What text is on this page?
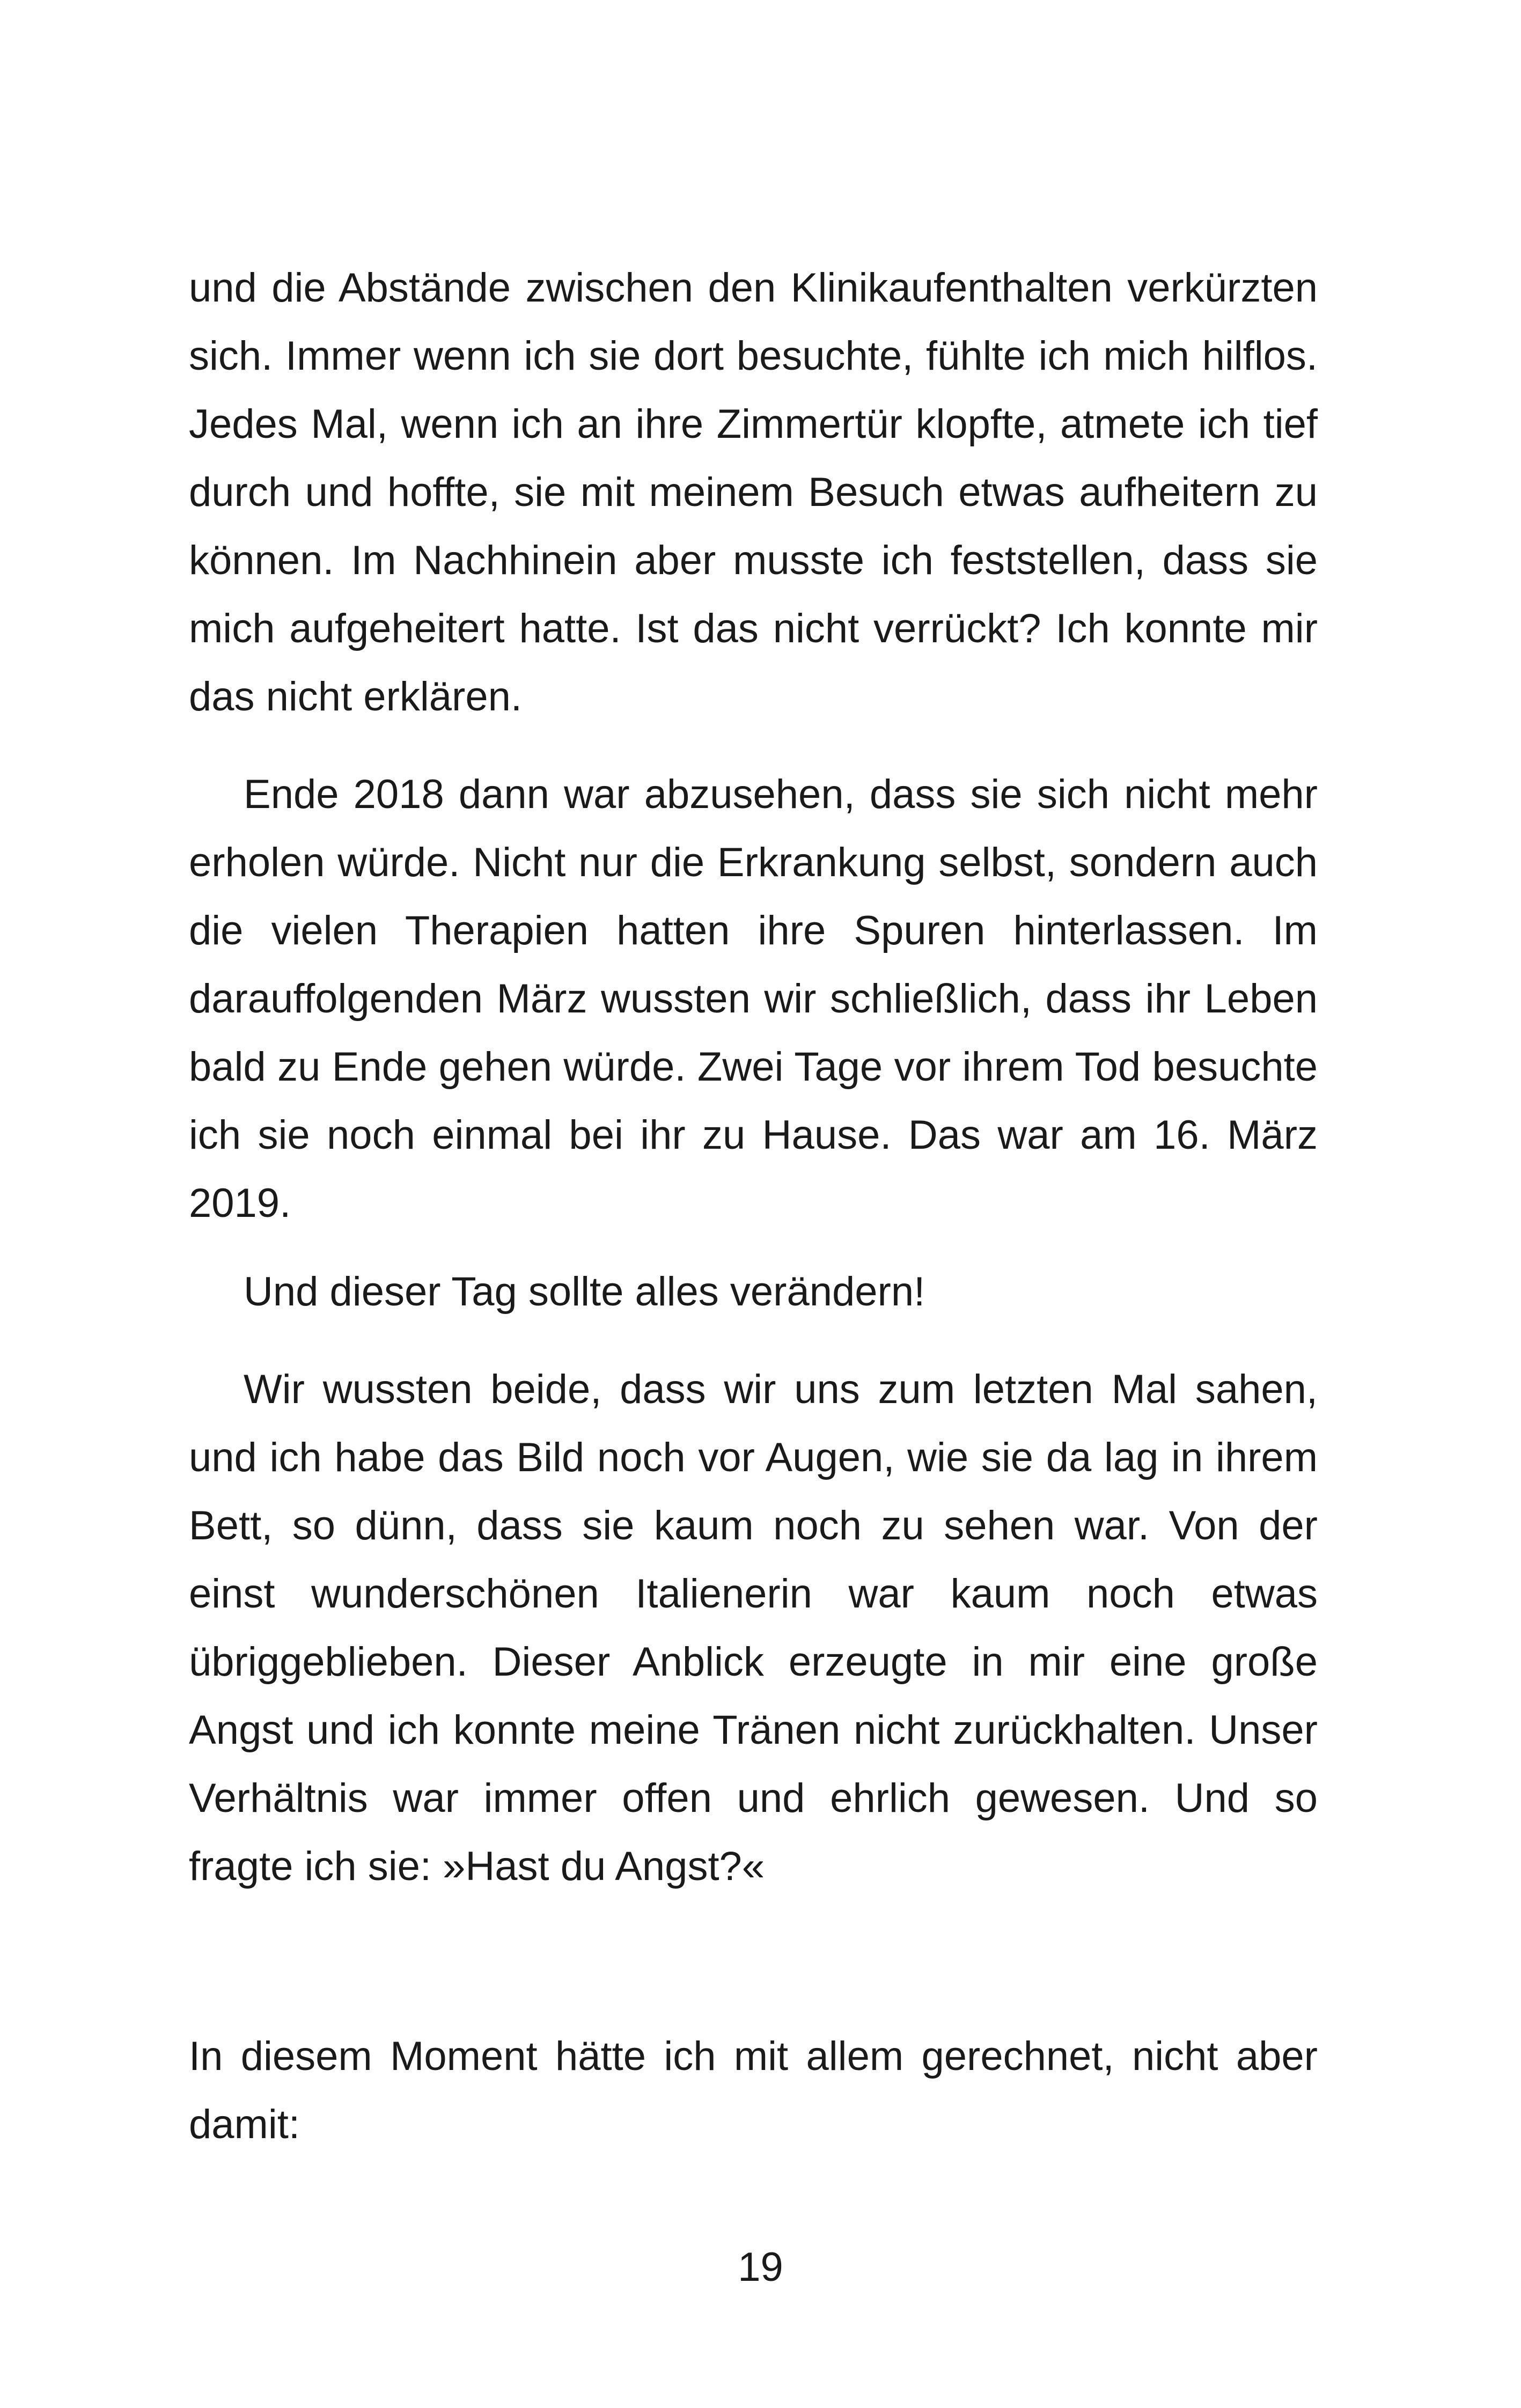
und die Abstände zwischen den Klinikaufenthalten verkürzten sich. Immer wenn ich sie dort besuchte, fühlte ich mich hilflos. Jedes Mal, wenn ich an ihre Zimmertür klopfte, atmete ich tief durch und hoffte, sie mit meinem Besuch etwas aufheitern zu können. Im Nachhinein aber musste ich feststellen, dass sie mich aufgeheitert hatte. Ist das nicht verrückt? Ich konnte mir das nicht erklären.

Ende 2018 dann war abzusehen, dass sie sich nicht mehr erholen würde. Nicht nur die Erkrankung selbst, sondern auch die vielen Therapien hatten ihre Spuren hinterlassen. Im darauffolgenden März wussten wir schließlich, dass ihr Leben bald zu Ende gehen würde. Zwei Tage vor ihrem Tod besuchte ich sie noch einmal bei ihr zu Hause. Das war am 16. März 2019.

Und dieser Tag sollte alles verändern!

Wir wussten beide, dass wir uns zum letzten Mal sahen, und ich habe das Bild noch vor Augen, wie sie da lag in ihrem Bett, so dünn, dass sie kaum noch zu sehen war. Von der einst wunderschönen Italienerin war kaum noch etwas übriggeblieben. Dieser Anblick erzeugte in mir eine große Angst und ich konnte meine Tränen nicht zurückhalten. Unser Verhältnis war immer offen und ehrlich gewesen. Und so fragte ich sie: »Hast du Angst?«

In diesem Moment hätte ich mit allem gerechnet, nicht aber damit:

19
